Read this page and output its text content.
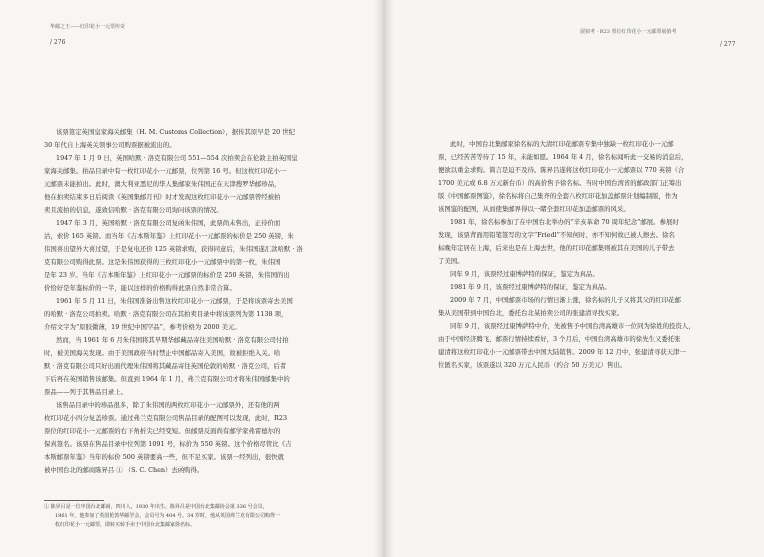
华邮之王——红印花小一元票传奇
/ 276
该票签定英国皇家海关邮集（H. M. Customs Collection），据传其原早是 20 世纪
30 年代自上海英关领事公司购票据被流出的。
1947 年 1 月 9 日，英国哈默 · 洛克有限公司 551—554 次拍卖会在伦敦主拍英国皇
家海关邮集。拍品目录中有一枚红印花小一元邮票，位列第 16 号。但这枚红印花小一
元邮票未能拍出。此时，澳大利亚悉尼的华人集邮家朱伟国正在天津搜罗华邮珍品，
他在拍卖结束多日后阅读《英国集邮月刊》时才发现这枚红印花小一元邮票曾经被拍
卖且流拍的信息，遂致信哈默 · 洛克有限公司询问该票的情况。
1947 年 3 月，英国哈默 · 洛克有限公司复函朱伟国，此票尚未售出，正待价而
沽，索价 165 英镑。而当年《吉本斯年鉴》上红印花小一元邮票的标价是 250 英镑，朱
伟国喜出望外大喜过望，于是复电还价 125 英镑求购，获得同意后，朱伟国遂汇款哈默 · 洛
克有限公司购得此票。这是朱伟国获得的三枚红印花小一元邮票中的第一枚，朱伟国
是年 23 岁。当年《吉本斯年鉴》上红印花小一元邮票的标价是 250 英镑，朱伟国的出
价恰好是年鉴标价的一半，能以这样的价格购得此票自然非常合算。
1961 年 5 月 11 日，朱伟国准备出售这枚红印花小一元邮票，于是将该票寄去美国
的哈默 · 洛克公司拍卖。哈默 · 洛克有限公司在其拍卖目录中将该票列为第 1138 项，
介绍文字为“原胶微薄，19 世纪中国罕品”，参考价格为 2000 美元。
然而，当 1961 年 6 月朱伟国将其早期华邮藏品寄往美国哈默 · 洛克有限公司付拍
时，被美国海关发现。由于美国政府当时禁止中国邮品寄入美国，故被拒绝入关。哈
默 · 洛克有限公司只好出面代理朱伟国将其藏品寄往英国伦敦的哈默 · 洛克公司，后者
下后再在英国销售该邮集。但直到 1964 年 1 月，弗兰克有限公司才将朱伟国邮集中的
票品——列于其售品目录上。
该售品目录中的珍品很多，除了朱伟国的两枚红印花小一元邮票外，还有他的两
枚红印花小四分复盖珍票。通过弗兰克有限公司售品目录的配图可以发现，此时，R23
票位的红印花小一元邮票的右下角折尖已经变短。但邮票反面尚有邮学家弗雷德尔的
保真签名。该票在售品目录中位列第 1091 号，标价为 550 英镑。这个价格尽管比《吉
本斯邮票年鉴》当年的标价 500 英镑要高一些，但不足买家。该票一经列出，很快就
被中国台北的邮商陈昇吕 ① （S. C. Chen）去函购得。
① 陈昇吕是一位中国台北邮商，四川人，1930 年出生。陈昇吕是中国台北集邮协会第 336 号会员，
1961 年，他参加了英国伦敦华邮学会，会员号为 404 号。34 岁时，他从英国弗兰克有限公司购得一
枚红印花小一元邮票，即转买转手卖于中国台北集邮家徐名标。
展销考 · R23 票位红印花小一元邮票展销考
/ 277
此时，中国台北集邮家徐名标的大清红印花邮票专集中独缺一枚红印花小一元邮
票，已经苦苦等待了 15 年，未能如愿。1964 年 4 月，徐名标闻听此一交易的消息后，
便欲以重金求购。简言是迫不及待。陈昇吕遂将这枚红印花小一元邮票以 770 英镑（合
1700 美元或 6.8 万元新台币）的高价售予徐名标。当时中国台湾省的邮政部门正筹出
版《中国邮票图鉴》，徐名标将自己集齐的全套八枚红印花加盖邮票计划编制版，作为
该图鉴的配图，从而使集邮界得以一睹全套红印花加盖邮票的风采。
1981 年，徐名标参加了在中国台北举办的“辛亥革命 70 周年纪念”邮展。参展时
发现，该票背面用铅笔签写的文字“Friedl”不知何时、亦不知何故已被人擦去。徐名
标晚年定居在上海，后来也是在上海去世，他的红印花邮集则被其在美国的儿子带去
了美国。
同年 9 月，该票经过康博萨特的保证，鉴定为真品。
1981 年 9 月，该票经过康博萨特的保证，鉴定为真品。
2009 年 7 月，中国邮票市场的行情日渐上涨，徐名标的儿子又将其父的红印花邮
集从美国带到中国台北，委托台北某拍卖公司的张建清寻找买家。
同年 9 月，该票经过康博萨特中介，先被售予中国台湾高雄市一位同为徐姓的投资人，
由于中国经济腾飞，邮票行情持续看好，3 个月后，中国台湾高雄市的徐先生又委托张
建清将这枚红印花小一元邮票带去中国大陆销售。2009 年 12 月中，张建清寻获天津一
位匿名买家，该票遂以 320 万元人民币（约合 50 万美元）售出。
